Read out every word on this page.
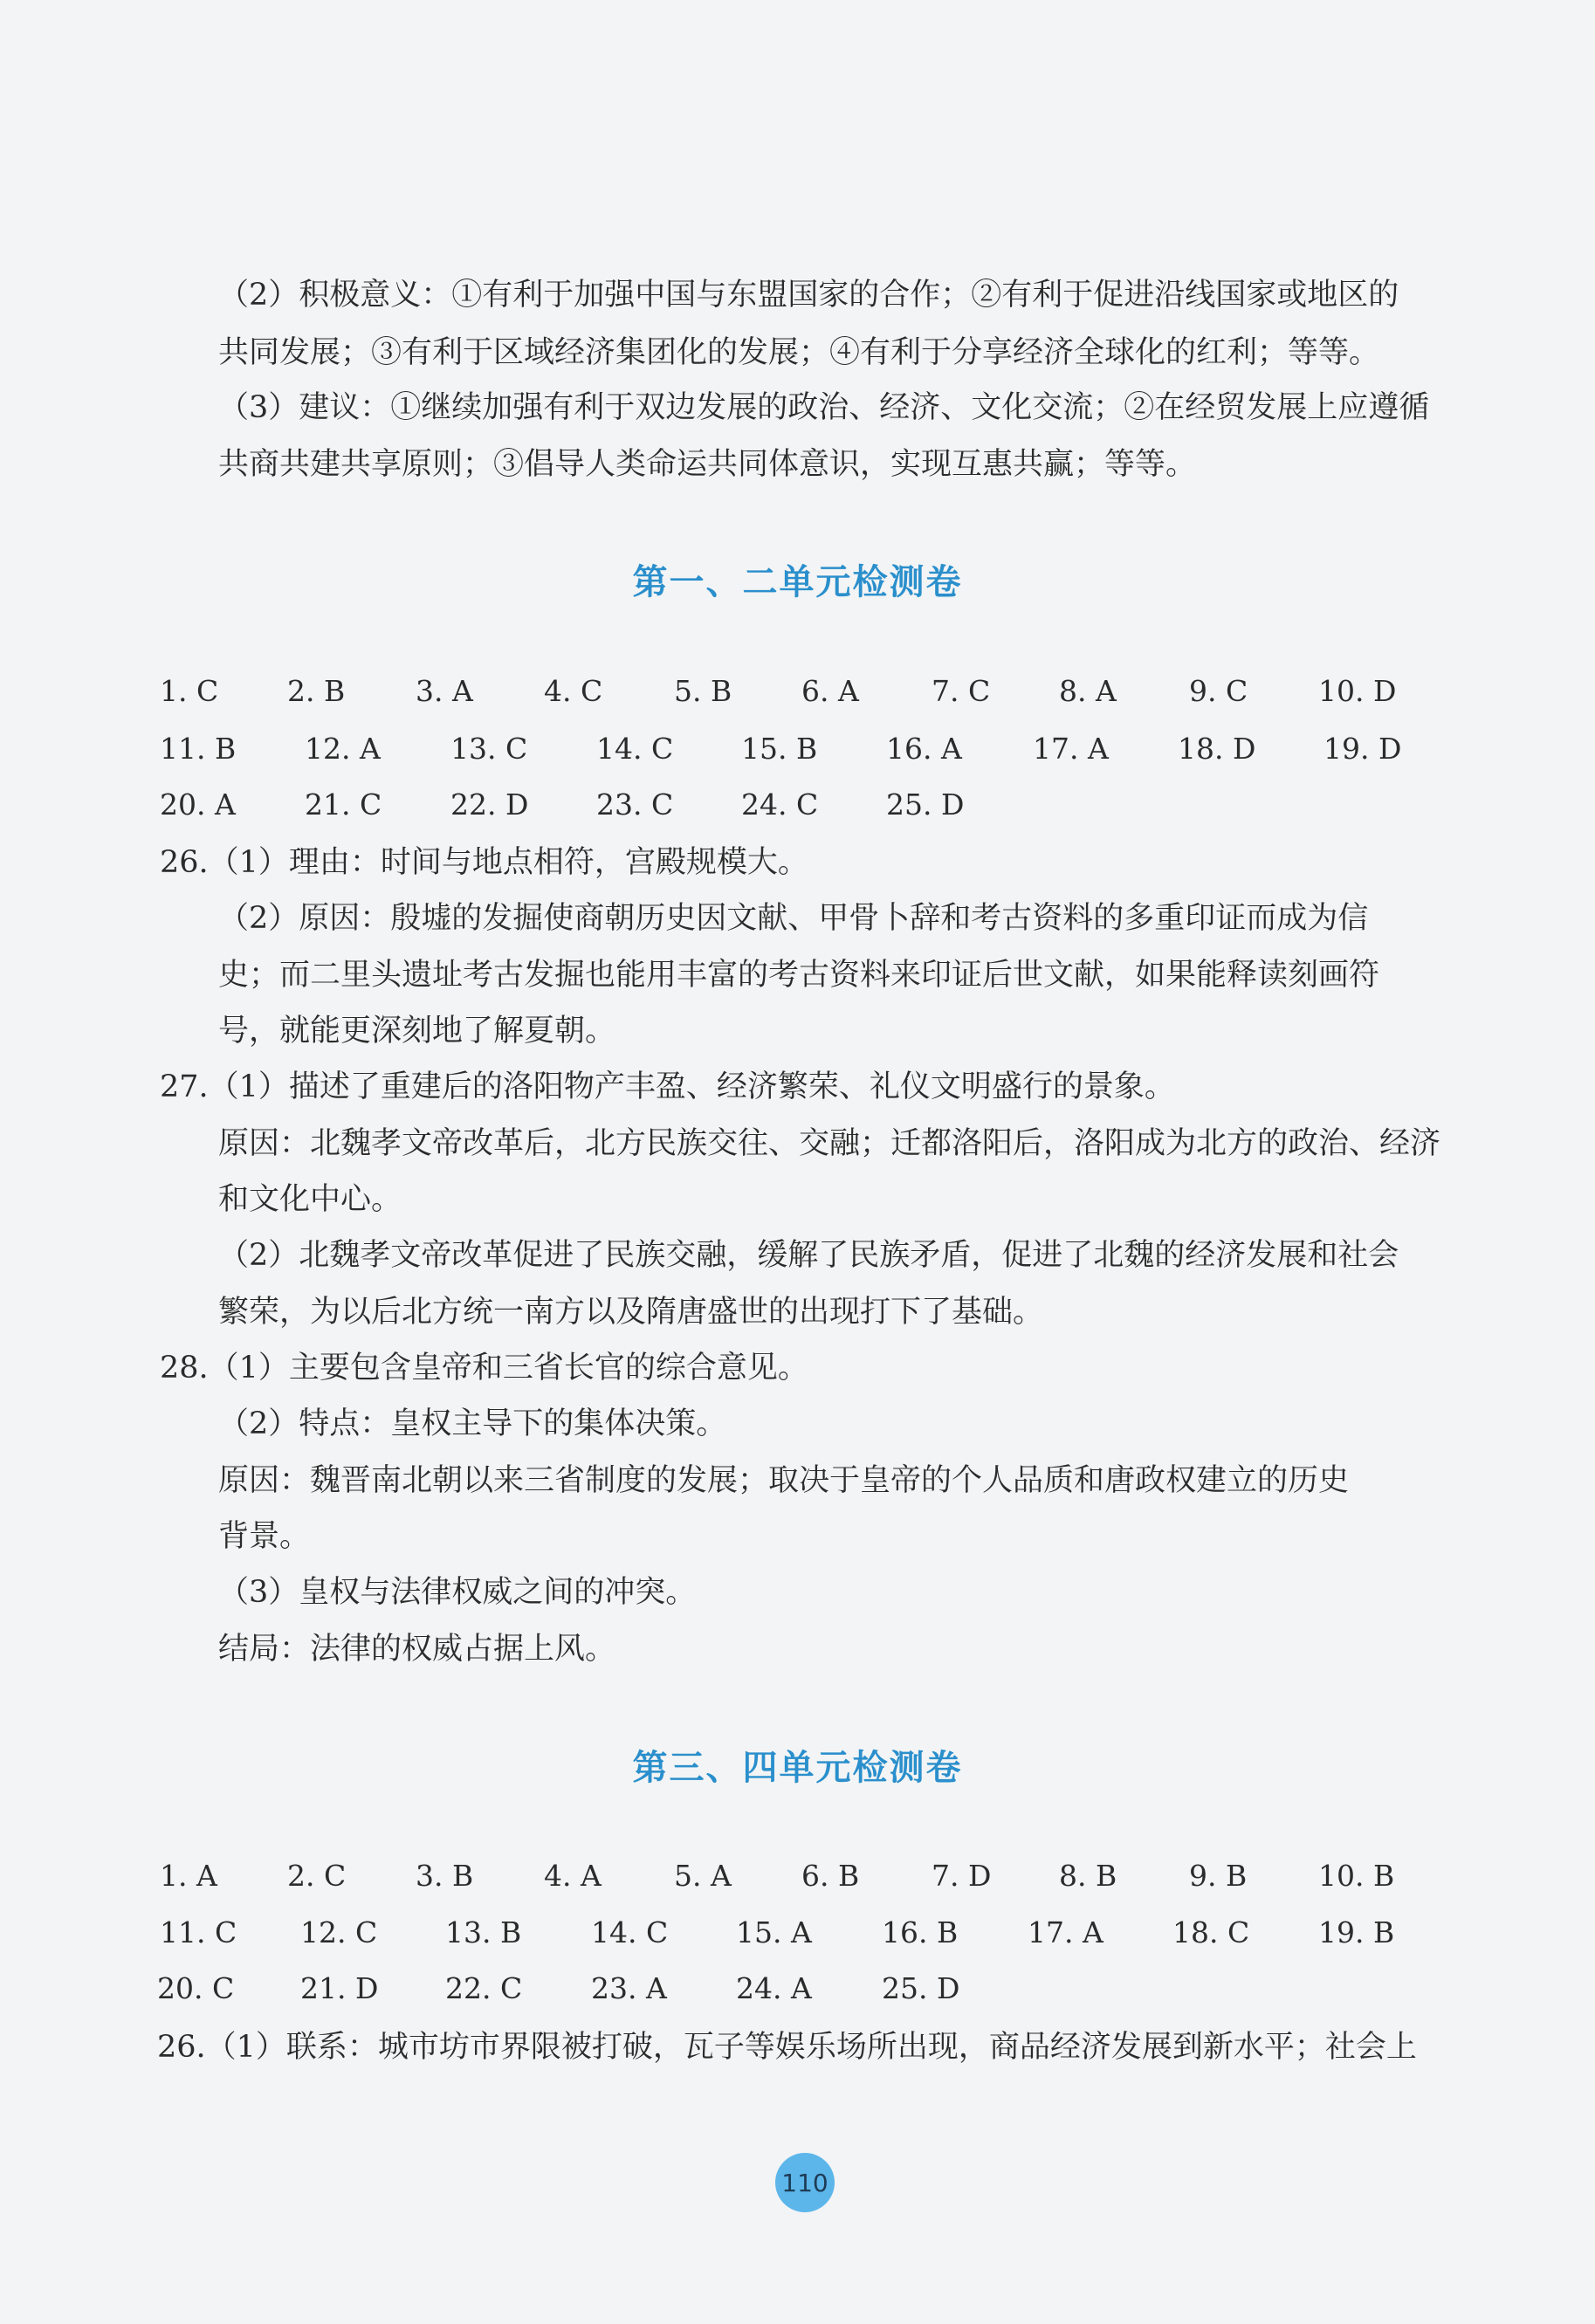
（2）积极意义：①有利于加强中国与东盟国家的合作；②有利于促进沿线国家或地区的
共同发展；③有利于区域经济集团化的发展；④有利于分享经济全球化的红利；等等。
（3）建议：①继续加强有利于双边发展的政治、经济、文化交流；②在经贸发展上应遵循
共商共建共享原则；③倡导人类命运共同体意识，实现互惠共赢；等等。
第一、二单元检测卷
1. C 2. B 3. A 4. C 5. B 6. A	7. C 8. A	9. C 10. D
11. B 12. A 13. C 14. C 15. B 16. A 17. A 18. D 19. D
20. A 21. C 22. D 23. C 24. C 25. D
26.（1）理由：时间与地点相符，宫殿规模大。
（2）原因：殷墟的发掘使商朝历史因文献、甲骨卜辞和考古资料的多重印证而成为信
史；而二里头遗址考古发掘也能用丰富的考古资料来印证后世文献，如果能释读刻画符
号，就能更深刻地了解夏朝。
27.（1）描述了重建后的洛阳物产丰盈、经济繁荣、礼仪文明盛行的景象。
原因：北魏孝文帝改革后，北方民族交往、交融；迁都洛阳后，洛阳成为北方的政治、经济
和文化中心。
（2）北魏孝文帝改革促进了民族交融，缓解了民族矛盾，促进了北魏的经济发展和社会
繁荣，为以后北方统一南方以及隋唐盛世的出现打下了基础。
28.（1）主要包含皇帝和三省长官的综合意见。
（2）特点：皇权主导下的集体决策。
原因：魏晋南北朝以来三省制度的发展；取决于皇帝的个人品质和唐政权建立的历史
背景。
（3）皇权与法律权威之间的冲突。
结局：法律的权威占据上风。
第三、四单元检测卷
1. A 2. C 3. B 4. A	5. A 6. B	7. D 8. B	9. B 10. B
11. C 12. C 13. B 14. C 15. A 16. B 17. A 18. C 19. B
20. C 21. D 22. C 23. A 24. A 25. D
26.（1）联系：城市坊市界限被打破，瓦子等娱乐场所出现，商品经济发展到新水平；社会上
110
